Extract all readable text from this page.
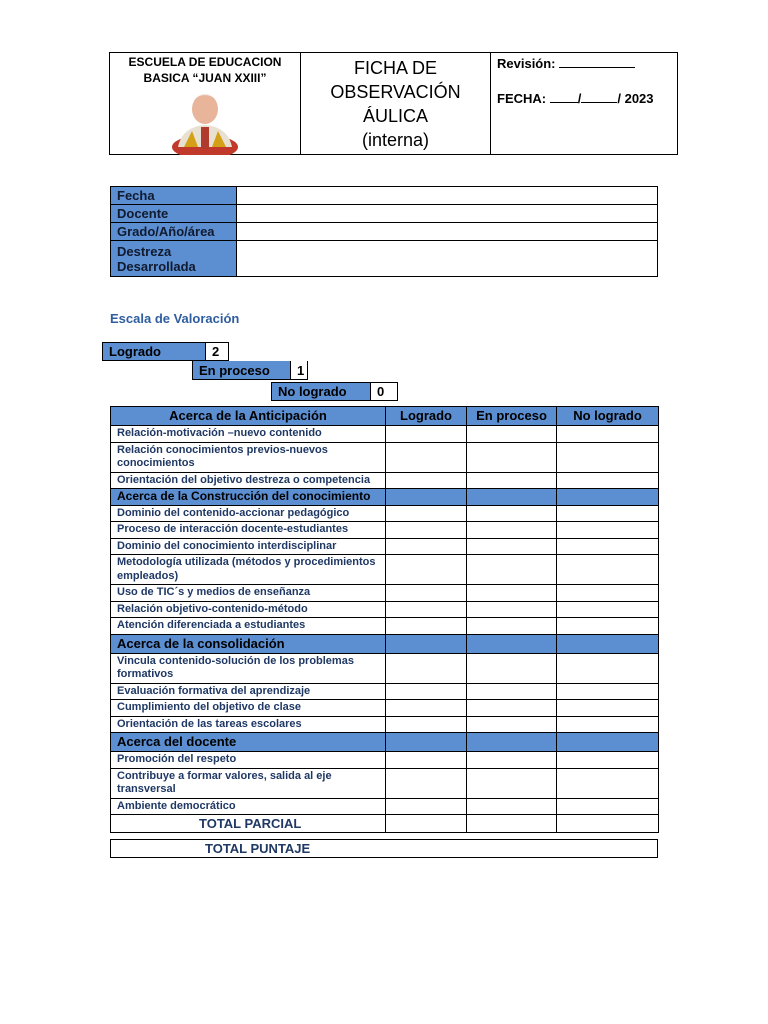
ESCUELA DE EDUCACION
BASICA “JUAN XXIII”
FICHA DE
OBSERVACIÓN
ÁULICA
(interna)
Revisión:
FECHA: /	/ 2023
Fecha	
Docente	
Grado/Año/área	

Destreza
Desarrollada	

Escala de Valoración
Logrado	2
En proceso	1
No logrado	0
Acerca de la Anticipación	Logrado	En proceso	No logrado
Relación-motivación –nuevo contenido			
Relación conocimientos previos-nuevos conocimientos			
Orientación del objetivo destreza o competencia			
Acerca de la Construcción del conocimiento			
Dominio del contenido-accionar pedagógico			
Proceso de interacción docente-estudiantes			
Dominio del conocimiento interdisciplinar			
Metodología utilizada (métodos y procedimientos empleados)			
Uso de TIC´s y medios de enseñanza			
Relación objetivo-contenido-método			
Atención diferenciada a estudiantes			
Acerca de la consolidación			
Vincula contenido-solución de los problemas formativos			
Evaluación formativa del aprendizaje			
Cumplimiento del objetivo de clase			
Orientación de las tareas escolares			
Acerca del docente			
Promoción del respeto			
Contribuye a formar valores, salida al eje transversal			
Ambiente democrático			
TOTAL PARCIAL			
TOTAL PUNTAJE
